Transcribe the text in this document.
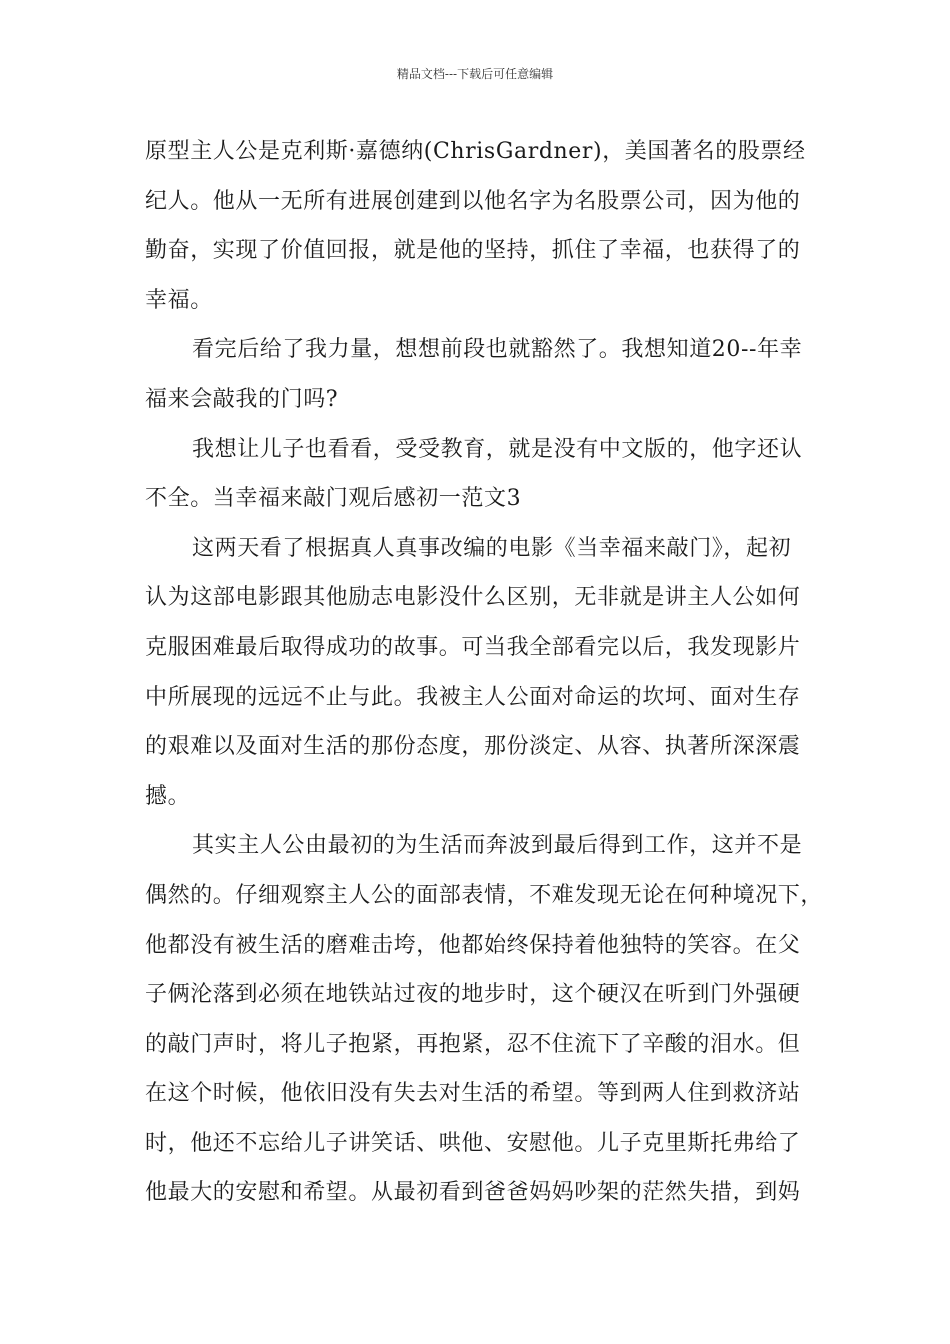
精品文档---下载后可任意编辑
原型主人公是克利斯·嘉德纳(ChrisGardner)，美国著名的股票经
纪人。他从一无所有进展创建到以他名字为名股票公司，因为他的
勤奋，实现了价值回报，就是他的坚持，抓住了幸福，也获得了的
幸福。
看完后给了我力量，想想前段也就豁然了。我想知道20--年幸
福来会敲我的门吗?
我想让儿子也看看，受受教育，就是没有中文版的，他字还认
不全。当幸福来敲门观后感初一范文3
这两天看了根据真人真事改编的电影《当幸福来敲门》，起初
认为这部电影跟其他励志电影没什么区别，无非就是讲主人公如何
克服困难最后取得成功的故事。可当我全部看完以后，我发现影片
中所展现的远远不止与此。我被主人公面对命运的坎坷、面对生存
的艰难以及面对生活的那份态度，那份淡定、从容、执著所深深震
撼。
其实主人公由最初的为生活而奔波到最后得到工作，这并不是
偶然的。仔细观察主人公的面部表情，不难发现无论在何种境况下，
他都没有被生活的磨难击垮，他都始终保持着他独特的笑容。在父
子俩沦落到必须在地铁站过夜的地步时，这个硬汉在听到门外强硬
的敲门声时，将儿子抱紧，再抱紧，忍不住流下了辛酸的泪水。但
在这个时候，他依旧没有失去对生活的希望。等到两人住到救济站
时，他还不忘给儿子讲笑话、哄他、安慰他。儿子克里斯托弗给了
他最大的安慰和希望。从最初看到爸爸妈妈吵架的茫然失措，到妈
